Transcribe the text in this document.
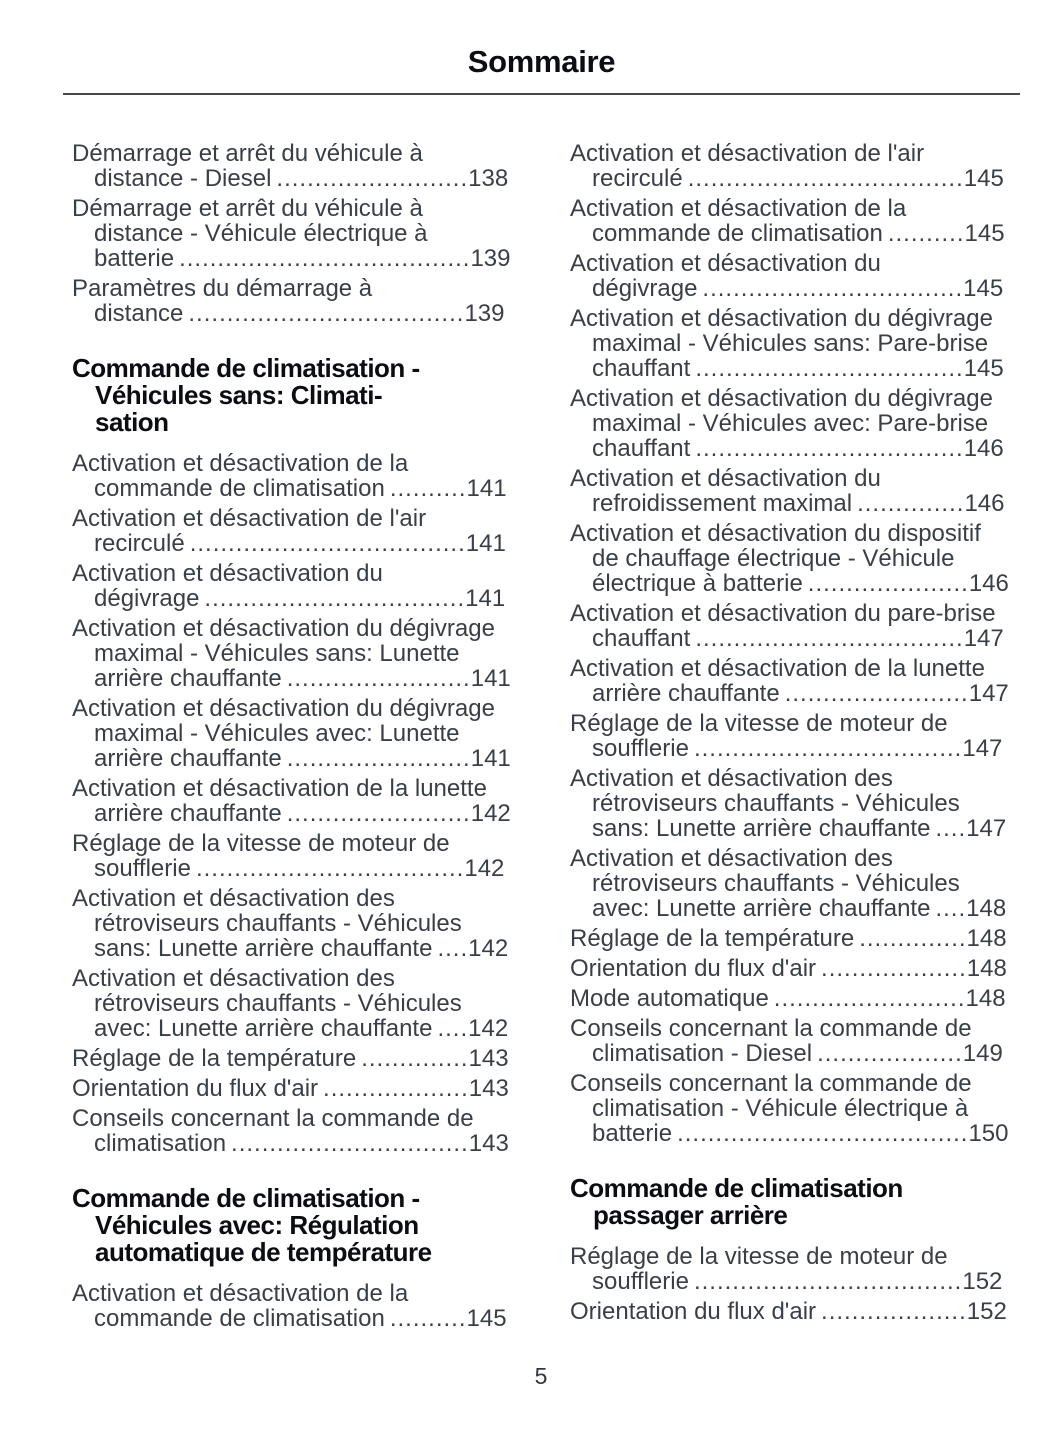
Sommaire
Démarrage et arrêt du véhicule à distance - Diesel .........................138
Démarrage et arrêt du véhicule à distance - Véhicule électrique à batterie ......................................139
Paramètres du démarrage à distance ....................................139
Commande de climatisation -
Véhicules sans: Climati-
sation
Activation et désactivation de la commande de climatisation ..........141
Activation et désactivation de l'air recirculé ....................................141
Activation et désactivation du dégivrage ..................................141
Activation et désactivation du dégivrage maximal - Véhicules sans: Lunette arrière chauffante ........................141
Activation et désactivation du dégivrage maximal - Véhicules avec: Lunette arrière chauffante ........................141
Activation et désactivation de la lunette arrière chauffante ........................142
Réglage de la vitesse de moteur de soufflerie ...................................142
Activation et désactivation des rétroviseurs chauffants - Véhicules sans: Lunette arrière chauffante ....142
Activation et désactivation des rétroviseurs chauffants - Véhicules avec: Lunette arrière chauffante ....142
Réglage de la température ..............143
Orientation du flux d'air ...................143
Conseils concernant la commande de climatisation ...............................143
Commande de climatisation -
Véhicules avec: Régulation
automatique de température
Activation et désactivation de la commande de climatisation ..........145
Activation et désactivation de l'air recirculé ....................................145
Activation et désactivation de la commande de climatisation ..........145
Activation et désactivation du dégivrage ..................................145
Activation et désactivation du dégivrage maximal - Véhicules sans: Pare-brise chauffant ...................................145
Activation et désactivation du dégivrage maximal - Véhicules avec: Pare-brise chauffant ...................................146
Activation et désactivation du refroidissement maximal ..............146
Activation et désactivation du dispositif de chauffage électrique - Véhicule électrique à batterie .....................146
Activation et désactivation du pare-brise chauffant ...................................147
Activation et désactivation de la lunette arrière chauffante ........................147
Réglage de la vitesse de moteur de soufflerie ...................................147
Activation et désactivation des rétroviseurs chauffants - Véhicules sans: Lunette arrière chauffante ....147
Activation et désactivation des rétroviseurs chauffants - Véhicules avec: Lunette arrière chauffante ....148
Réglage de la température ..............148
Orientation du flux d'air ...................148
Mode automatique .........................148
Conseils concernant la commande de climatisation - Diesel ...................149
Conseils concernant la commande de climatisation - Véhicule électrique à batterie ......................................150
Commande de climatisation
passager arrière
Réglage de la vitesse de moteur de soufflerie ...................................152
Orientation du flux d'air ...................152
5
